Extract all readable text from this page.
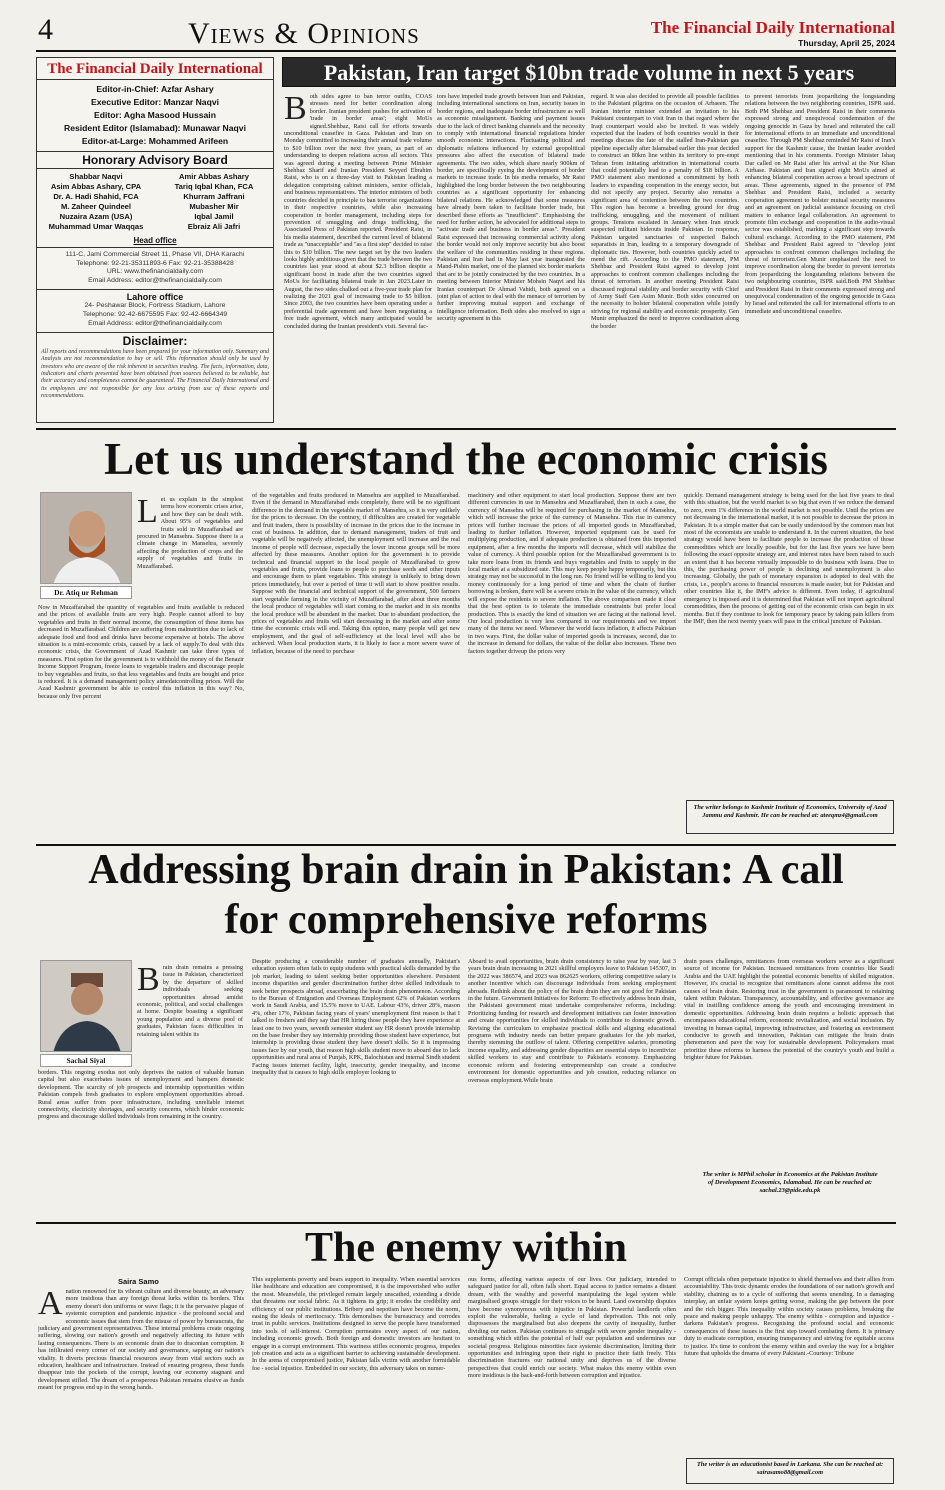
4	Views & Opinions	The Financial Daily International
Thursday, April 25, 2024
The Financial Daily International
Editor-in-Chief: Azfar Ashary
Executive Editor: Manzar Naqvi
Editor: Agha Masood Hussain
Resident Editor (Islamabad): Munawar Naqvi
Editor-at-Large: Mohammed Arifeen
Honorary Advisory Board
Shabbar Naqvi
Asim Abbas Ashary, CPA
Dr. A. Hadi Shahid, FCA
M. Zaheer Quindeel
Nuzaira Azam (USA)
Muhammad Umar Waqqas
Amir Abbas Ashary
Tariq Iqbal Khan, FCA
Khurram Jaffrani
Mubasher Mir
Iqbal Jamil
Ebraiz Ali Jafri
Head office
111-C, Jami Commercial Street 11, Phase VII, DHA Karachi
Telephone: 92-21-35311893-6 Fax: 92-21-35388428
URL: www.thefinancialdaily.com
Email Address: editor@thefinancialdaily.com
Lahore office
24- Peshawar Block, Fortress Stadium, Lahore
Telephone: 92-42-6675595 Fax: 92-42-6664349
Email Address: editor@thefinancialdaily.com
Disclaimer:
All reports and recommendations have been prepared for your information only. Summary and Analysis are not recommendation to buy or sell. This information should only be used by investors who are aware of the risk inherent in securities trading. The facts, information, data, indicators and charts presented have been obtained from sources believed to be reliable, but their accuracy and completeness cannot be guaranteed. The Financial Daily International and its employees are not responsible for any loss arising from use of these reports and recommendations.
Pakistan, Iran target $10bn trade volume in next 5 years
Both sides agree to ban terror outfits, COAS stresses need for better coordination along border. Iranian president pushes for activation of 'trade in border areas'; eight MoUs signed.Shehbaz, Raisi call for efforts towards unconditional ceasefire in Gaza. Pakistan and Iran on Monday committed to increasing their annual trade volume to $10 billion over the next five years, as part of an understanding to deepen relations across all sectors. This was agreed during a meeting between Prime Minister Shehbaz Sharif and Iranian President Seyyed Ebrahim Raisi, who is on a three-day visit to Pakistan leading a delegation comprising cabinet ministers, senior officials, and business representatives. The interior ministers of both countries decided in principle to ban terrorist organizations in their respective countries, while also increasing cooperation in border management, including steps for prevention of smuggling and drugs trafficking, the Associated Press of Pakistan reported. President Raisi, in his media statement, described the current level of bilateral trade as "unacceptable" and "as a first step" decided to raise this to $10 billion. The new target set by the two leaders looks highly ambitious given that the trade between the two countries last year stood at about $2.3 billion despite a significant boost in trade after the two countries signed MoUs for facilitating bilateral trade in Jan 2023.Later in August, the two sides chalked out a five-year trade plan for realizing the 2021 goal of increasing trade to $5 billion. Since 2003, the two countries have been operating under a preferential trade agreement and have been negotiating a free trade agreement, which many anticipated would be concluded during the Iranian president's visit. Several fac-
tors have impeded trade growth between Iran and Pakistan, including international sanctions on Iran, security issues in border regions, and inadequate border infrastructure as well as economic misalignment. Banking and payment issues due to the lack of direct banking channels and the necessity to comply with international financial regulations hinder smooth economic interactions. Fluctuating political and diplomatic relations influenced by external geopolitical pressures also affect the execution of bilateral trade agreements. The two sides, which share nearly 900km of border, are specifically eyeing the development of border markets to increase trade. In his media remarks, Mr Raisi highlighted the long border between the two neighbouring countries as a significant opportunity for enhancing bilateral relations. He acknowledged that some measures have already been taken to facilitate border trade, but described these efforts as "insufficient". Emphasising the need for further action, he advocated for additional steps to "activate trade and business in border areas". President Raisi expressed that increasing commercial activity along the border would not only improve security but also boost the welfare of the communities residing in these regions. Pakistan and Iran had in May last year inaugurated the Mand-Pishin market, one of the planned six border markets that are to be jointly constructed by the two countries. In a meeting between Interior Minister Mohsin Naqvi and his Iranian counterpart Dr Ahmad Vahidi, both agreed on a joint plan of action to deal with the menace of terrorism by further improving mutual support and exchange of intelligence information. Both sides also resolved to sign a security agreement in this
regard. It was also decided to provide all possible facilities to the Pakistani pilgrims on the occasion of Arbaeen. The Iranian interior minister extended an invitation to his Pakistani counterpart to visit Iran in that regard where the Iraqi counterpart would also be invited. It was widely expected that the leaders of both countries would in their meetings discuss the fate of the stalled Iran-Pakistan gas pipeline especially after Islamabad earlier this year decided to construct an 80km line within its territory to pre-empt Tehran from initiating arbitration in international courts that could potentially lead to a penalty of $18 billion. A PMO statement also mentioned a commitment by both leaders to expanding cooperation in the energy sector, but did not specify any project. Security also remains a significant area of contention between the two countries. This region has become a breeding ground for drug trafficking, smuggling, and the movement of militant groups. Tensions escalated in January when Iran struck suspected militant hideouts inside Pakistan. In response, Pakistan targeted sanctuaries of suspected Baloch separatists in Iran, leading to a temporary downgrade of diplomatic ties. However, both countries quickly acted to mend the rift. According to the PMO statement, PM Shehbaz and President Raisi agreed to develop joint approaches to confront common challenges including the threat of terrorism. In another meeting President Raisi discussed regional stability and border security with Chief of Army Staff Gen Asim Munir. Both sides concurred on the necessity to bolster bilateral cooperation while jointly striving for regional stability and economic prosperity. Gen Munir emphasized the need to improve coordination along the border
to prevent terrorists from jeopardizing the longstanding relations between the two neighboring countries, ISPR said. Both PM Shehbaz and President Raisi in their comments expressed strong and unequivocal condemnation of the ongoing genocide in Gaza by Israel and reiterated the call for international efforts to an immediate and unconditional ceasefire. Through PM Shehbaz reminded Mr Raisi of Iran's support for the Kashmir cause, the Iranian leader avoided mentioning that in his comments. Foreign Minister Ishaq Dar called on Mr Raisi after his arrival at the Nur Khan Airbase. Pakistan and Iran signed eight MoUs aimed at enhancing bilateral cooperation across a broad spectrum of areas. These agreements, signed in the presence of PM Shehbaz and President Raisi, included a security cooperation agreement to bolster mutual security measures and an agreement on judicial assistance focusing on civil matters to enhance legal collaboration. An agreement to promote film exchange and cooperation in the audio-visual sector was established, marking a significant step towards cultural exchange. According to the PMO statement, PM Shehbaz and President Raisi agreed to "develop joint approaches to confront common challenges including the threat of terrorism.Gen Munir emphasized the need to improve coordination along the border to prevent terrorists from jeopardizing the longstanding relations between the two neighbouring countries, ISPR said.Both PM Shehbaz and President Raisi in their comments expressed strong and unequivocal condemnation of the ongoing genocide in Gaza by Israel and reiterated the call for international efforts to an immediate and unconditional ceasefire.
Let us understand the economic crisis
Dr. Atiq ur Rehman
Let us explain in the simplest terms how economic crises arise, and how they can be dealt with. About 95% of vegetables and fruits sold in Muzaffarabad are procured in Mansehra. Suppose there is a climate change in Mansehra, severely affecting the production of crops and the supply of vegetables and fruits in Muzaffarabad.
Now in Muzaffarabad the quantity of vegetables and fruits available is reduced and the prices of available fruits are very high. People cannot afford to buy vegetables and fruits in their normal income, the consumption of these items has decreased in Muzaffarabad. Children are suffering from malnutrition due to lack of adequate food and food and drinks have become expensive at hotels. The above situation is a mini-economic crisis, caused by a lack of supply.To deal with this economic crisis, the Government of Azad Kashmir can take three types of measures. First option for the government is to withhold the money of the Benazir Income Support Program, freeze loans to vegetable traders and discourage people to buy vegetables and fruits, so that less vegetables and fruits are bought and price is reduced. It is a demand management policy aimedatcontrolling prices. Will the Azad Kashmir government be able to control this inflation in this way? No, because only five percent
of the vegetables and fruits produced in Mansehra are supplied to Muzaffarabad. Even if the demand in Muzaffarabad ends completely, there will be no significant difference in the demand in the vegetable market of Mansehra, so it is very unlikely for the prices to decrease. On the contrary, if difficulties are created for vegetable and fruit traders, there is possibility of increase in the prices due to the increase in cost of business. In addition, due to demand management, traders of fruit and vegetable will be negatively affected, the unemployment will increase and the real income of people will decrease, especially the lower income groups will be more affected by these measures. Another option for the government is to provide technical and financial support to the local people of Muzaffarabad to grow vegetables and fruits, provide loans to people to purchase seeds and other inputs and encourage them to plant vegetables. This strategy is unlikely to bring down prices immediately, but over a period of time it will start to show positive results. Suppose with the financial and technical support of the government, 500 farmers start vegetable farming in the vicinity of Muzaffarabad, after about three months the local produce of vegetables will start coming to the market and in six months the local produce will be abundant in the market. Due to abundant production, the prices of vegetables and fruits will start decreasing in the market and after some time the economic crisis will end. Taking this option, many people will get new employment, and the goal of self-sufficiency at the local level will also be achieved. When local production starts, it is likely to face a more severe wave of inflation, because of the need to purchase
machinery and other equipment to start local production. Suppose there are two different currencies in use in Mansehra and Muzaffarabad, then in such a case, the currency of Mansehra will be required for purchasing in the market of Mansehra, which will increase the price of the currency of Mansehra. This rise in currency prices will further increase the prices of all imported goods in Muzaffarabad, leading to further inflation. However, imported equipment can be used for multiplying production, and if adequate production is obtained from this imported equipment, after a few months the imports will decrease, which will stabilize the value of currency. A third possible option for the Muzaffarabad government is to take more loans from its friends and buys vegetables and fruits to supply in the local market at a subsidized rate. This may keep people happy temporarily, but this strategy may not be successful in the long run. No friend will be willing to lend you money continuously for a long period of time and when the chain of further borrowing is broken, there will be a severe crisis in the value of the currency, which will expose the residents to severe inflation. The above comparison made it clear that the best option is to tolerate the immediate constraints but prefer local production. This is exactly the kind of situation we are facing at the national level. Our local production is very less compared to our requirements and we import many of the items we need. Whenever the world faces inflation, it affects Pakistan in two ways. First, the dollar value of imported goods is increases, second, due to the increase in demand for dollars, the value of the dollar also increases. These two factors together driveup the prices very
quickly. Demand management strategy is being used for the last five years to deal with this situation, but the world market is so big that even if we reduce the demand to zero, even 1% difference in the world market is not possible. Until the prices are not decreasing in the international market, it is not possible to decrease the prices in Pakistan. It is a simple matter that can be easily understood by the common man but most of the economists are unable to understand it. In the current situation, the best strategy would have been to facilitate people to increase the production of those commodities which are locally possible, but for the last five years we have been following the exact opposite strategy are, and interest rates have been raised to such an extent that it has become virtually impossible to do business with loans. Due to this, the purchasing power of people is declining and unemployment is also increasing. Globally, the path of monetary expansion is adopted to deal with the crisis, i.e., people's access to financial resources is made easier, but for Pakistan and other countries like it, the IMF's advice is different. Even today, if agricultural emergency is imposed and it is determined that Pakistan will not import agricultural commodities, then the process of getting out of the economic crisis can begin in six months. But if they continue to look for temporary peace by taking pain killers from the IMF, then the next twenty years will pass in the critical juncture of Pakistan.
The writer belongs to Kashmir Institute of Economics, University of Azad Jammu and Kashmir. He can be reached at: ateeqmz4@gmail.com
Addressing brain drain in Pakistan: A call
for comprehensive reforms
Sachal Siyal
Brain drain remains a pressing issue in Pakistan, characterized by the departure of skilled individuals seeking opportunities abroad amidst economic, political, and social challenges at home. Despite boasting a significant young population and a diverse pool of graduates, Pakistan faces difficulties in retaining talent within its
borders. This ongoing exodus not only deprives the nation of valuable human capital but also exacerbates issues of unemployment and hampers domestic development. The scarcity of job prospects and internship opportunities within Pakistan compels fresh graduates to explore employment opportunities abroad. Rural areas suffer from poor infrastructure, including unreliable internet connectivity, electricity shortages, and security concerns, which hinder economic progress and discourage skilled individuals from remaining in the country.
Despite producing a considerable number of graduates annually, Pakistan's education system often fails to equip students with practical skills demanded by the job market, leading to talent seeking better opportunities elsewhere. Persistent income disparities and gender discrimination further drive skilled individuals to seek better prospects abroad, exacerbating the brain drain phenomenon. According to the Bureau of Emigration and Overseas Employment 62% of Pakistan workers work in Saudi Arabia, and 15.5% move to UAE. Labour 43%, driver 28%, mason 4%, other 17%, Pakistan facing years of years' unemployment first reason is that I talked to freshers and they say that HR hiring those people they have experience at least one to two years, seventh semester student say HR doesn't provide internship on the base fresher they say internship providing those student have experience, but internship is providing those student they have doesn't skills. So it is impressing issues face by our youth, that reason high skills student move to aboard due to lack opportunities and rural area of Punjab, KPK, Balochistan and internal Sindh student Facing issues internet facility, light, insecurity, gender inequality, and income inequality that is causes to high skills employer looking to
Aboard to avail opportunities, brain drain consistency to raise year by year, last 3 years brain drain increasing in 2021 skillful employers leave to Pakistan 145307, in the 2022 was 386574, and 2023 was 862625 workers, offering competitive salary is another incentive which can discourage individuals from seeking employment abroads. Rethink about the policy of the brain drain they are not good for Pakistan in the future. Government Initiatives for Reform: To effectively address brain drain, the Pakistani government must undertake comprehensive reforms, including: Prioritizing funding for research and development initiatives can foster innovation and create opportunities for skilled individuals to contribute to domestic growth. Revising the curriculum to emphasize practical skills and aligning educational programs with industry needs can better prepare graduates for the job market, thereby stemming the outflow of talent. Offering competitive salaries, promoting income equality, and addressing gender disparities are essential steps to incentivize skilled workers to stay and contribute to Pakistan's economy. Emphasizing economic reform and fostering entrepreneurship can create a conducive environment for domestic opportunities and job creation, reducing reliance on overseas employment.While brain
drain poses challenges, remittances from overseas workers serve as a significant source of income for Pakistan. Increased remittances from countries like Saudi Arabia and the UAE highlight the potential economic benefits of skilled migration. However, it's crucial to recognize that remittances alone cannot address the root causes of brain drain. Restoring trust in the government is paramount to retaining talent within Pakistan. Transparency, accountability, and effective governance are vital in instilling confidence among the youth and encouraging investment in domestic opportunities. Addressing brain drain requires a holistic approach that encompasses educational reform, economic revitalization, and social inclusion. By investing in human capital, improving infrastructure, and fostering an environment conducive to growth and innovation, Pakistan can mitigate the brain drain phenomenon and pave the way for sustainable development. Policymakers must prioritize these reforms to harness the potential of the country's youth and build a brighter future for Pakistan.
The writer is MPhil scholar in Economics at the Pakistan Institute of Development Economics, Islamabad. He can be reached at: sachal.23@pide.edu.pk
The enemy within
Saira Samo
Anation renowned for its vibrant culture and diverse beauty, an adversary more insidious than any foreign threat lurks within its borders. This enemy doesn't don uniforms or wave flags; it is the pervasive plague of systemic corruption and pandemic injustice - the profound social and economic issues that stem from the misuse of power by bureaucrats, the judiciary and government representatives. These internal problems create ongoing suffering, slowing our nation's growth and negatively affecting its future with lasting consequences. There is an economic drain due to draconian corruption. It has infiltrated every corner of our society and governance, sapping our nation's vitality. It diverts precious financial resources away from vital sectors such as education, healthcare and infrastructure. Instead of ensuring progress, these funds disappear into the pockets of the corrupt, leaving our economy stagnant and development stifled. The dream of a prosperous Pakistan remains elusive as funds meant for progress end up in the wrong hands.
This supplements poverty and bears support to inequality. When essential services like healthcare and education are compromised, it is the impoverished who suffer the most. Meanwhile, the privileged remain largely unscathed, extending a divide that threatens our social fabric. As it tightens its grip; it erodes the credibility and efficiency of our public institutions. Bribery and nepotism have become the norm, easing the ideals of meritocracy. This demoralises the bureaucracy and corrodes trust in public services. Institutions designed to serve the people have transformed into tools of self-interest. Corruption permeates every aspect of our nation, including economic growth. Both foreign and domestic investors are hesitant to engage in a corrupt environment. This wariness stifles economic progress, impedes job creation and acts as a significant barrier to achieving sustainable development. In the arena of compromised justice, Pakistan falls victim with another formidable foe - social injustice. Embedded in our society, this adversary takes on numer-
ous forms, affecting various aspects of our lives. Our judiciary, intended to safeguard justice for all, often falls short. Equal access to justice remains a distant dream, with the wealthy and powerful manipulating the legal system while marginalised groups struggle for their voices to be heard. Land ownership disputes have become synonymous with injustice in Pakistan. Powerful landlords often exploit the vulnerable, fueling a cycle of land deprivation. This not only dispossesses the marginalised but also deepens the cavity of inequality, further dividing our nation. Pakistan continues to struggle with severe gender inequality - something which stifles the potential of half our population and undermines our societal progress. Religious minorities face systemic discrimination, limiting their opportunities and infringing upon their right to practice their faith freely. This discrimination fractures our national unity and deprives us of the diverse perspectives that could enrich our society. What makes this enemy within even more insidious is the back-and-forth between corruption and injustice.
Corrupt officials often perpetuate injustice to shield themselves and their allies from accountability. This toxic dynamic erodes the foundations of our nation's growth and stability, chaining us to a cycle of suffering that seems unending. In a damaging interplay, an unfair system keeps getting worse, making the gap between the poor and the rich bigger. This inequality within society causes problems, breaking the peace and making people unhappy. The enemy within - corruption and injustice - darkens Pakistan's progress. Recognising the profound social and economic consequences of these issues is the first step toward combating them. It is primary duty to eradicate corruption, ensuring transparency and striving for equitable access to justice. It's time to confront the enemy within and overlay the way for a brighter future that upholds the dreams of every Pakistani.-Courtesy: Tribune
The writer is an educationist based in Larkana. She can be reached at: sairasamo88@gmail.com
